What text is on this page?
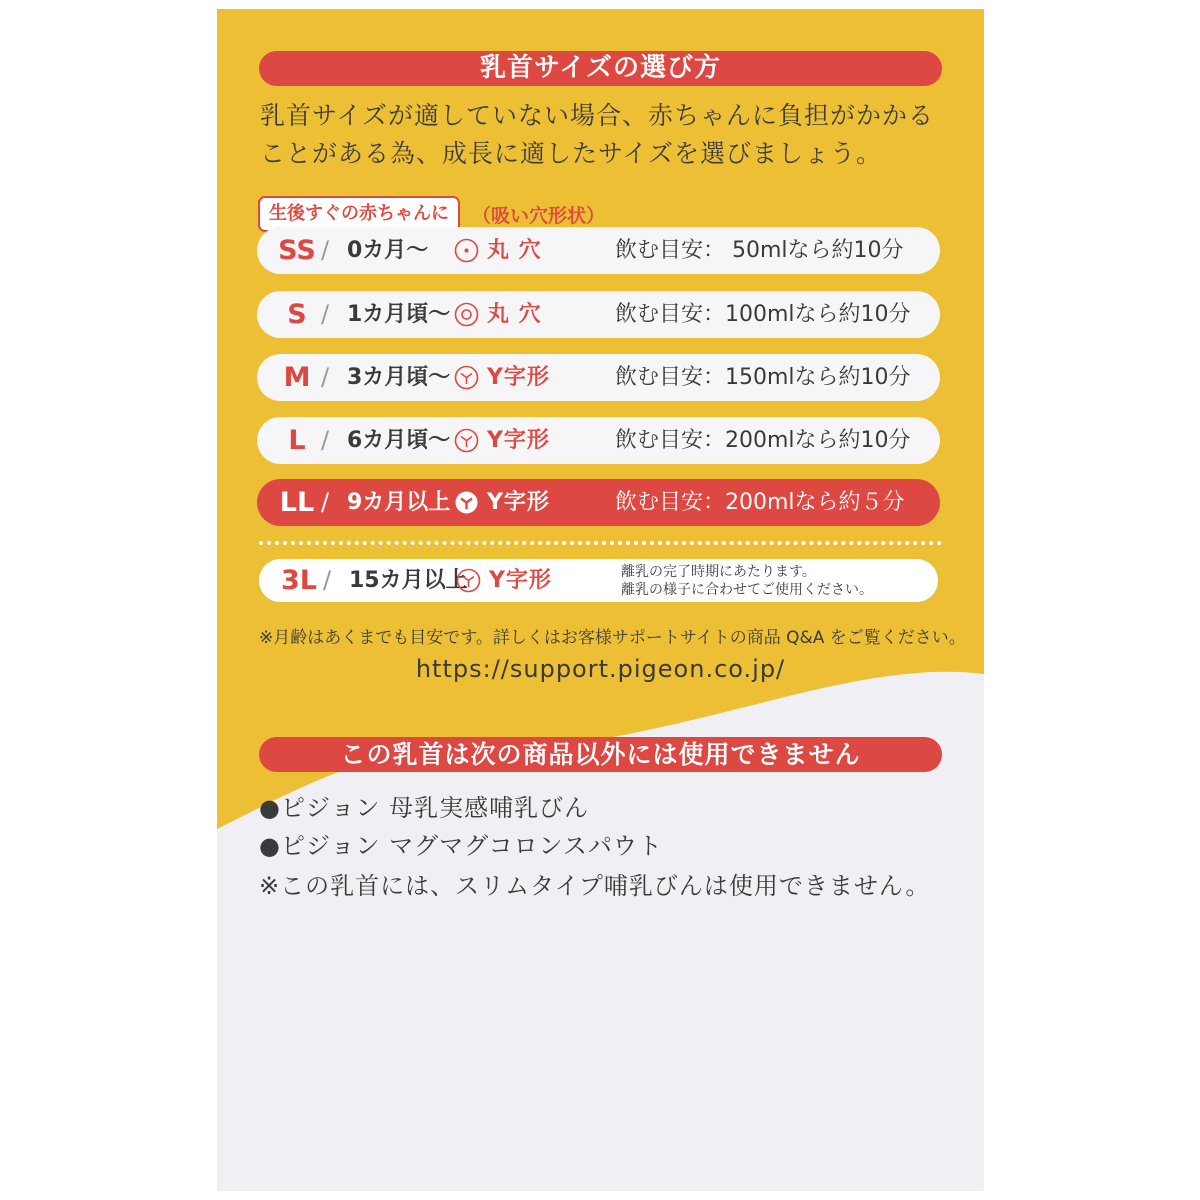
乳首サイズの選び方
乳首サイズが適していない場合、赤ちゃんに負担がかかる
ことがある為、成長に適したサイズを選びましょう。
生後すぐの赤ちゃんに	（吸い穴形状）
SS / 0カ月～	丸 穴	飲む目安： 50mlなら約10分
S / 1カ月頃～ 丸 穴	飲む目安：100mlなら約10分
M / 3カ月頃～ Y字形	飲む目安：150mlなら約10分
L / 6カ月頃～ Y字形	飲む目安：200mlなら約10分
LL / 9カ月以上 Y字形	飲む目安：200mlなら約５分
3L / 15カ月以上 Y字形	離乳の完了時期にあたります。
離乳の様子に合わせてご使用ください。
※月齢はあくまでも目安です。詳しくはお客様サポートサイトの商品 Q&A をご覧ください。
https://support.pigeon.co.jp/
この乳首は次の商品以外には使用できません
●ピジョン 母乳実感哺乳びん
●ピジョン マグマグコロンスパウト
※この乳首には、スリムタイプ哺乳びんは使用できません。
